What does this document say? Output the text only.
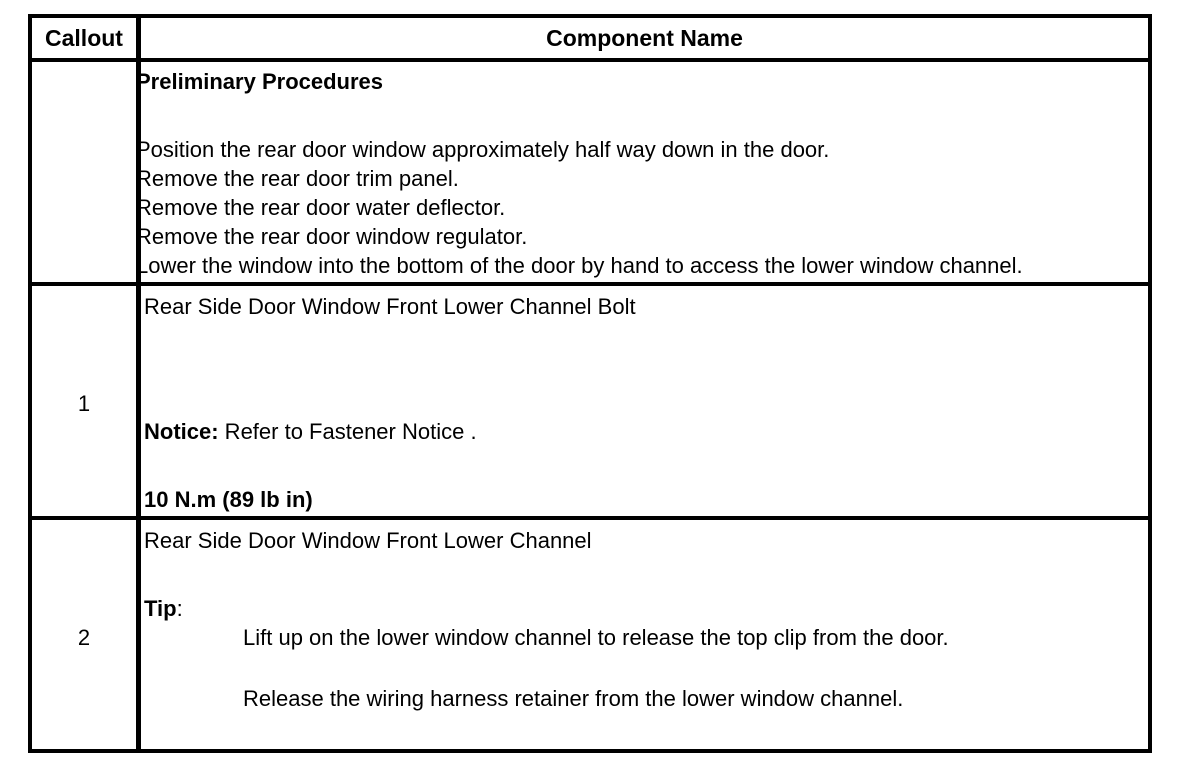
Callout	Component Name
Preliminary Procedures
Position the rear door window approximately half way down in the door.
Remove the rear door trim panel.
Remove the rear door water deflector.
Remove the rear door window regulator.
Lower the window into the bottom of the door by hand to access the lower window channel.
1
Rear Side Door Window Front Lower Channel Bolt
Notice: Refer to Fastener Notice .
10 N.m (89 lb in)
2
Rear Side Door Window Front Lower Channel
Tip:
Lift up on the lower window channel to release the top clip from the door.
Release the wiring harness retainer from the lower window channel.
